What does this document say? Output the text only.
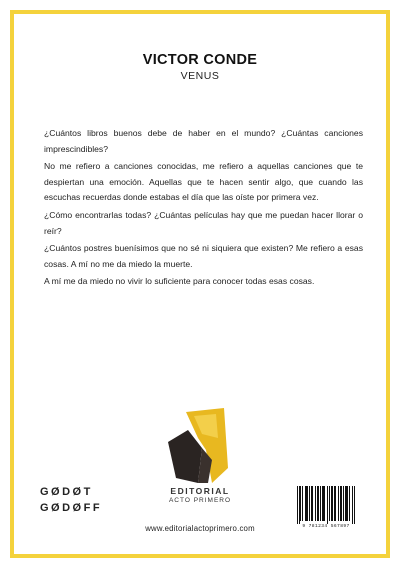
VICTOR CONDE
VENUS

¿Cuántos libros buenos debe de haber en el mundo? ¿Cuántas canciones imprescindibles?

No me refiero a canciones conocidas, me refiero a aquellas canciones que te despiertan una emoción. Aquellas que te hacen sentir algo, que cuando las escuchas recuerdas donde estabas el día que las oíste por primera vez.

¿Cómo encontrarlas todas? ¿Cuántas películas hay que me puedan hacer llorar o reír?

¿Cuántos postres buenísimos que no sé ni siquiera que existen? Me refiero a esas cosas. A mí no me da miedo la muerte.

A mí me da miedo no vivir lo suficiente para conocer todas esas cosas.

GØDØT
GØDØFF
EDITORIAL
ACTO PRIMERO
9 781234 567897
www.editorialactoprimero.com
